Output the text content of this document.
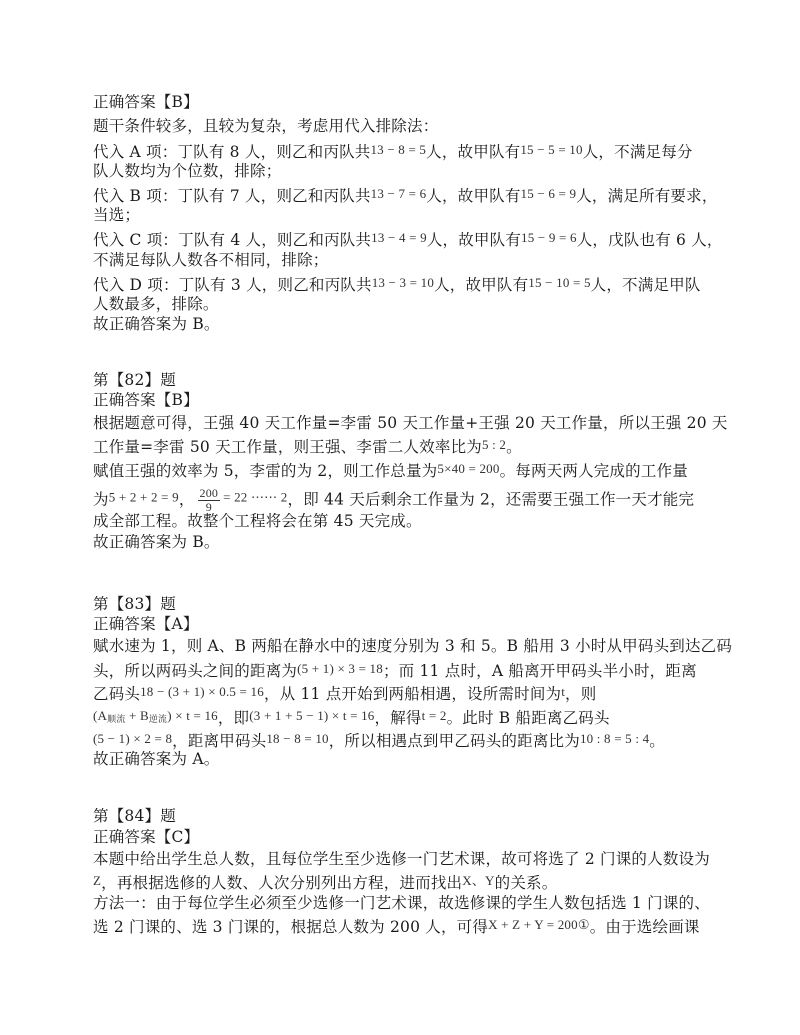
正确答案【B】
题干条件较多，且较为复杂，考虑用代入排除法：
代入 A 项：丁队有 8 人，则乙和丙队共13 − 8 = 5人，故甲队有15 − 5 = 10人，不满足每分
队人数均为个位数，排除；
代入 B 项：丁队有 7 人，则乙和丙队共13 − 7 = 6人，故甲队有15 − 6 = 9人，满足所有要求，
当选；
代入 C 项：丁队有 4 人，则乙和丙队共13 − 4 = 9人，故甲队有15 − 9 = 6人，戊队也有 6 人，
不满足每队人数各不相同，排除；
代入 D 项：丁队有 3 人，则乙和丙队共13 − 3 = 10人，故甲队有15 − 10 = 5人，不满足甲队
人数最多，排除。
故正确答案为 B。
第【82】题
正确答案【B】
根据题意可得，王强 40 天工作量=李雷 50 天工作量+王强 20 天工作量，所以王强 20 天
工作量=李雷 50 天工作量，则王强、李雷二人效率比为5 : 2。
赋值王强的效率为 5，李雷的为 2，则工作总量为5×40 = 200。每两天两人完成的工作量
为5 + 2 + 2 = 9， $\frac{200}{9} = 22$ ⋯⋯ 2，即 44 天后剩余工作量为 2，还需要王强工作一天才能完
成全部工程。故整个工程将会在第 45 天完成。
故正确答案为 B。
第【83】题
正确答案【A】
赋水速为 1，则 A、B 两船在静水中的速度分别为 3 和 5。B 船用 3 小时从甲码头到达乙码
头，所以两码头之间的距离为(5 + 1) × 3 = 18；而 11 点时，A 船离开甲码头半小时，距离
乙码头18 − (3 + 1) × 0.5 = 16，从 11 点开始到两船相遇，设所需时间为t，则
$(A_{顺流} + B_{逆流}) \times t = 16$，即(3 + 1 + 5 − 1) × t = 16，解得t = 2。此时 B 船距离乙码头
(5 − 1) × 2 = 8，距离甲码头18 − 8 = 10，所以相遇点到甲乙码头的距离比为10 : 8 = 5 : 4。
故正确答案为 A。
第【84】题
正确答案【C】
本题中给出学生总人数，且每位学生至少选修一门艺术课，故可将选了 2 门课的人数设为
Z，再根据选修的人数、人次分别列出方程，进而找出X、Y的关系。
方法一：由于每位学生必须至少选修一门艺术课，故选修课的学生人数包括选 1 门课的、
选 2 门课的、选 3 门课的，根据总人数为 200 人，可得X + Z + Y = 200①。由于选绘画课
